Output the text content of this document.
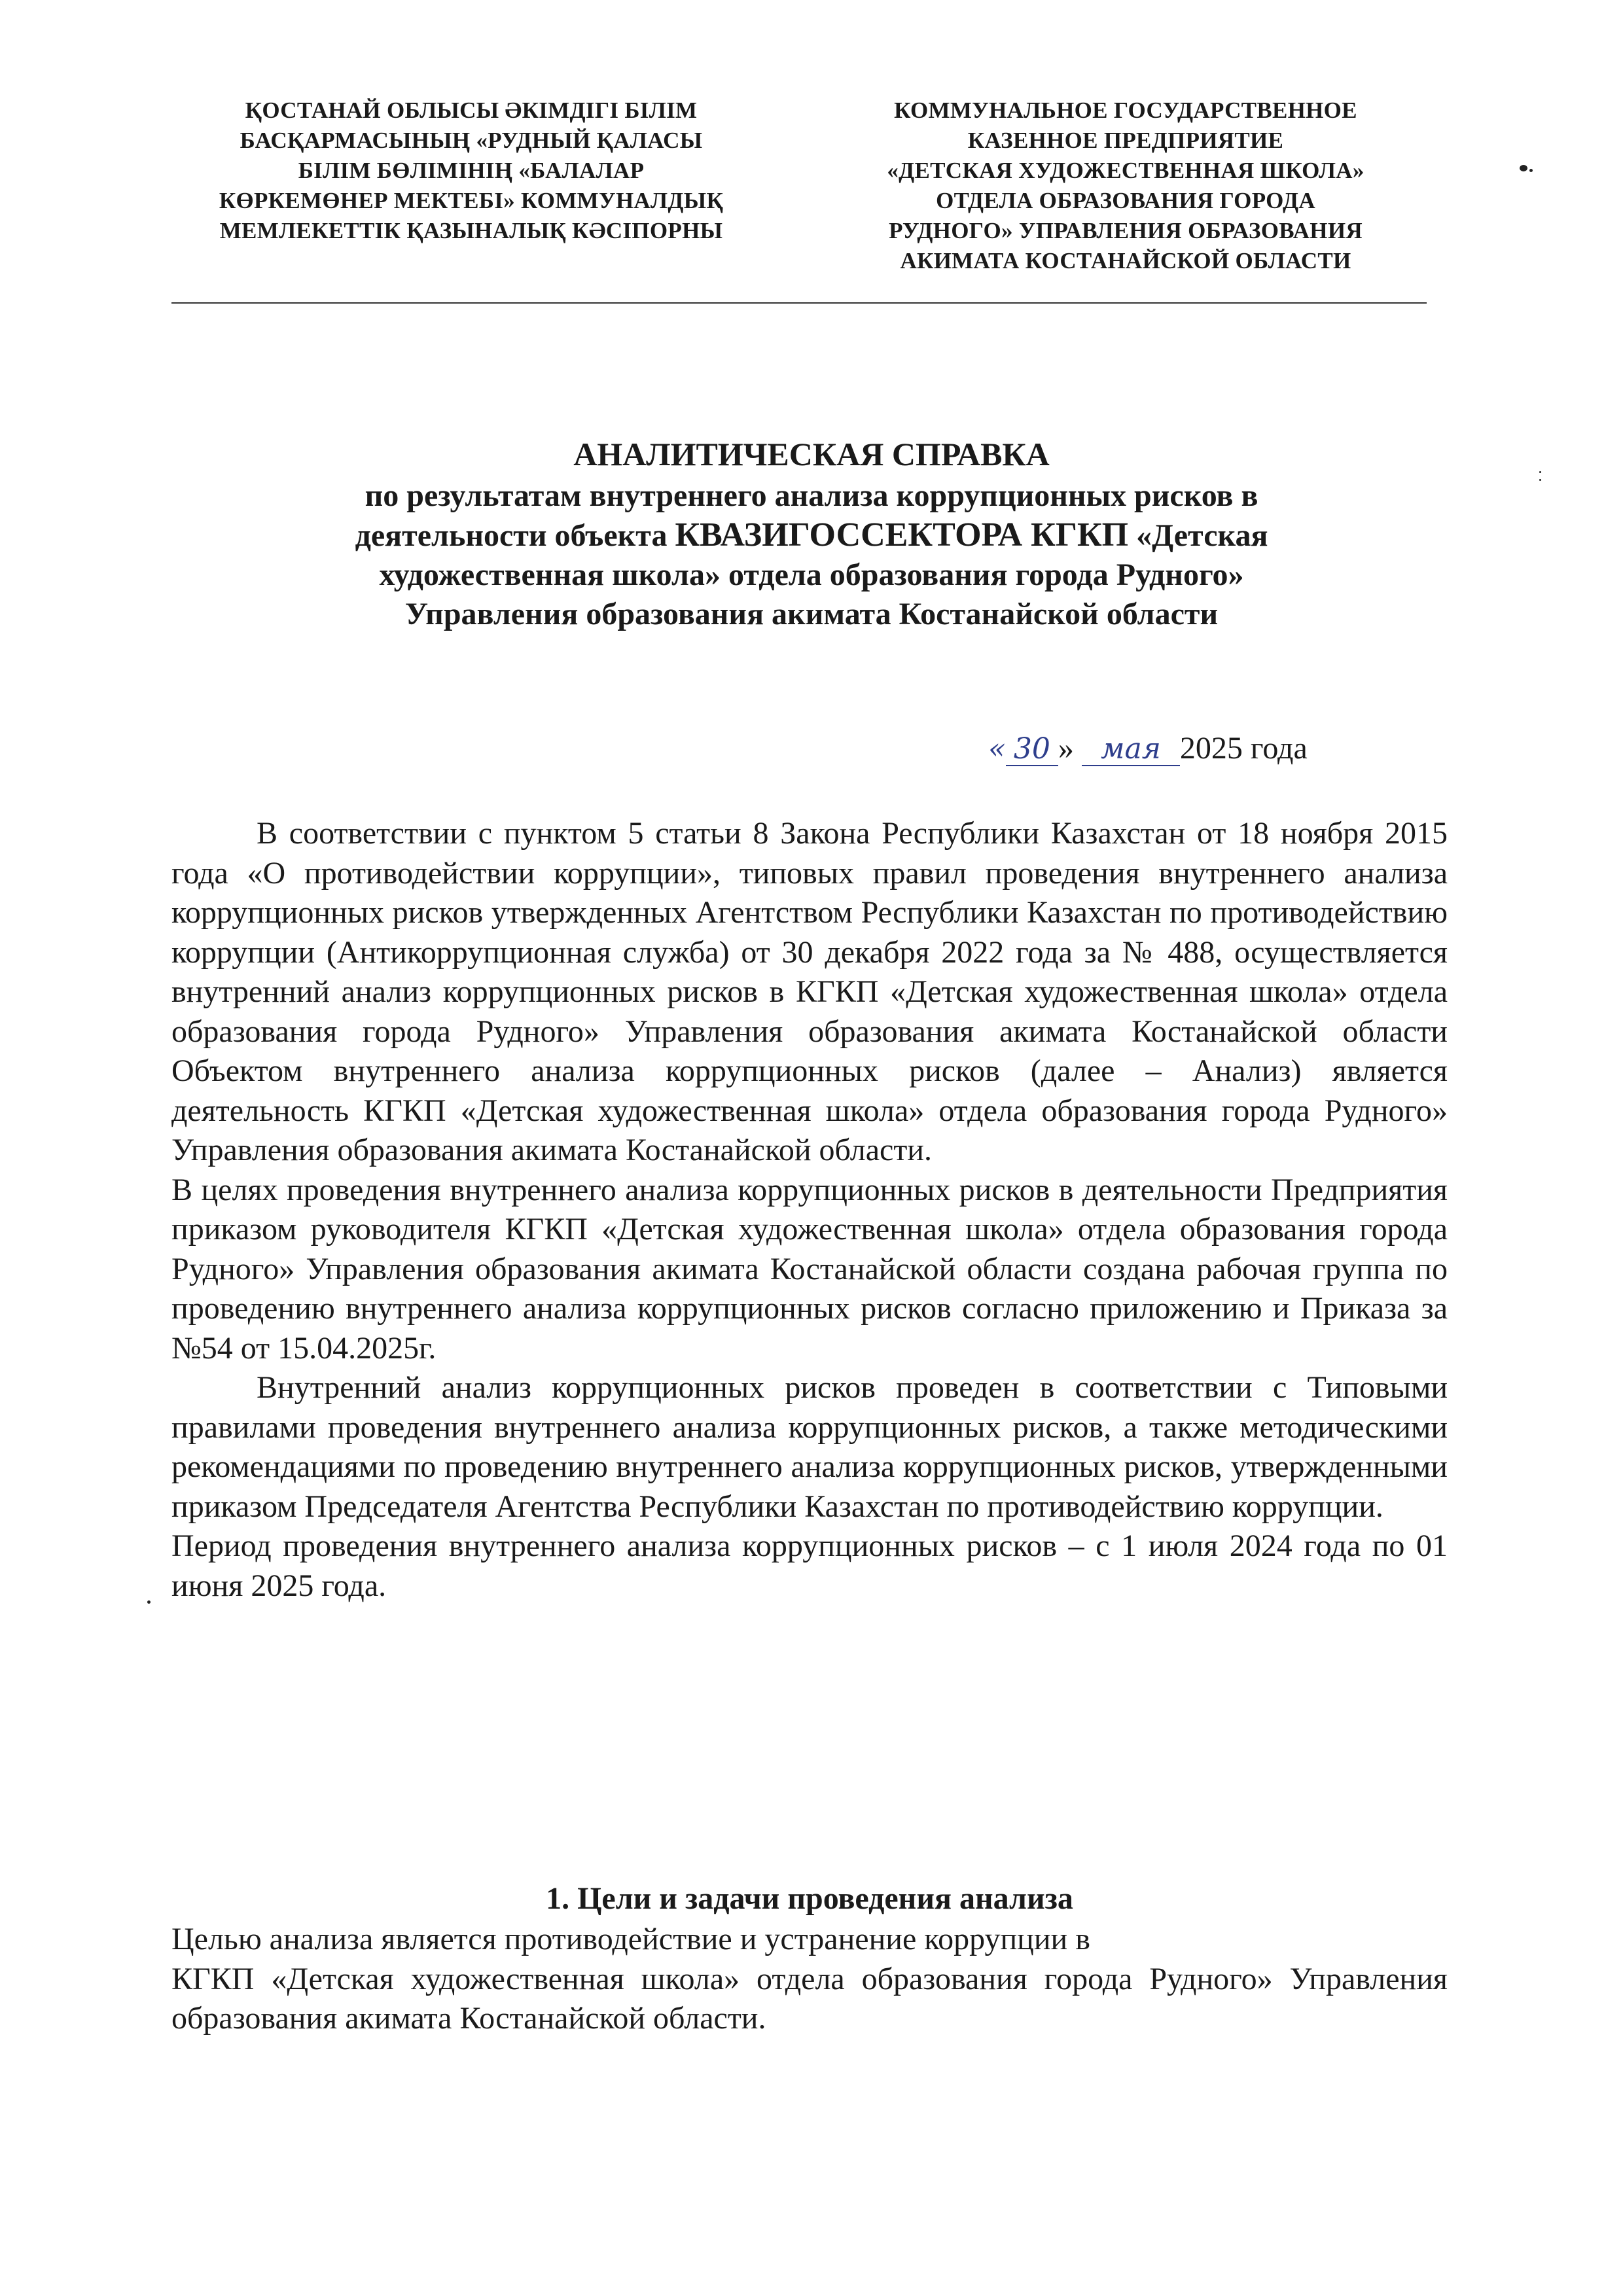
ҚОСТАНАЙ ОБЛЫСЫ ӘКІМДІГІ БІЛІМ
БАСҚАРМАСЫНЫҢ «РУДНЫЙ ҚАЛАСЫ
БІЛІМ БӨЛІМІНІҢ «БАЛАЛАР
КӨРКЕМӨНЕР МЕКТЕБІ» КОММУНАЛДЫҚ
МЕМЛЕКЕТТІК ҚАЗЫНАЛЫҚ КӘСІПОРНЫ
КОММУНАЛЬНОЕ ГОСУДАРСТВЕННОЕ
КАЗЕННОЕ ПРЕДПРИЯТИЕ
«ДЕТСКАЯ ХУДОЖЕСТВЕННАЯ ШКОЛА»
ОТДЕЛА ОБРАЗОВАНИЯ ГОРОДА
РУДНОГО» УПРАВЛЕНИЯ ОБРАЗОВАНИЯ
АКИМАТА КОСТАНАЙСКОЙ ОБЛАСТИ
АНАЛИТИЧЕСКАЯ СПРАВКА
по результатам внутреннего анализа коррупционных рисков в
деятельности объекта КВАЗИГОССЕКТОРА КГКП «Детская
художественная школа» отдела образования города Рудного»
Управления образования акимата Костанайской области
« 30 » мая 2025 года

В соответствии с пунктом 5 статьи 8 Закона Республики Казахстан от 18 ноября 2015 года «О противодействии коррупции», типовых правил проведения внутреннего анализа коррупционных рисков утвержденных Агентством Республики Казахстан по противодействию коррупции (Антикоррупционная служба) от 30 декабря 2022 года за № 488, осуществляется внутренний анализ коррупционных рисков в КГКП «Детская художественная школа» отдела образования города Рудного» Управления образования акимата Костанайской области Объектом внутреннего анализа коррупционных рисков (далее – Анализ) является деятельность КГКП «Детская художественная школа» отдела образования города Рудного» Управления образования акимата Костанайской области.

В целях проведения внутреннего анализа коррупционных рисков в деятельности Предприятия приказом руководителя КГКП «Детская художественная школа» отдела образования города Рудного» Управления образования акимата Костанайской области создана рабочая группа по проведению внутреннего анализа коррупционных рисков согласно приложению и Приказа за №54 от 15.04.2025г.

Внутренний анализ коррупционных рисков проведен в соответствии с Типовыми правилами проведения внутреннего анализа коррупционных рисков, а также методическими рекомендациями по проведению внутреннего анализа коррупционных рисков, утвержденными приказом Председателя Агентства Республики Казахстан по противодействию коррупции.

Период проведения внутреннего анализа коррупционных рисков – с 1 июля 2024 года по 01 июня 2025 года.

1. Цели и задачи проведения анализа

Целью анализа является противодействие и устранение коррупции в

КГКП «Детская художественная школа» отдела образования города Рудного» Управления образования акимата Костанайской области.
